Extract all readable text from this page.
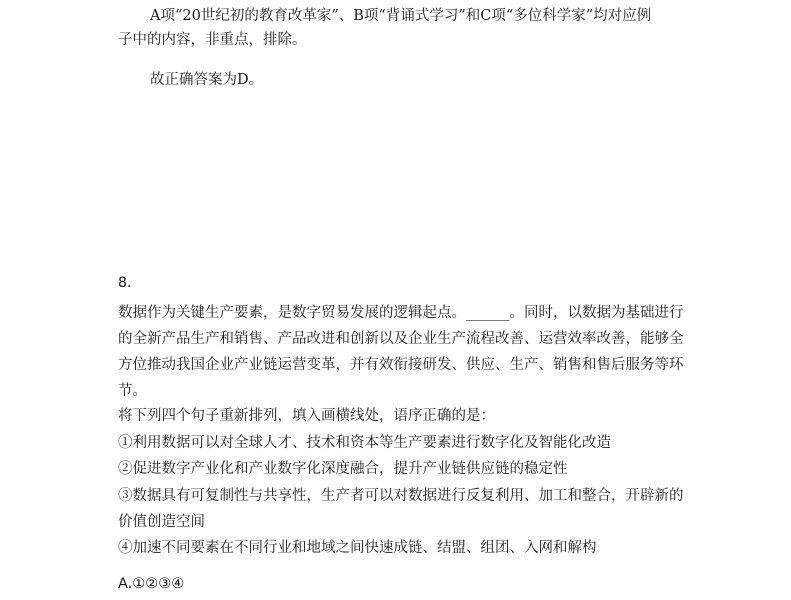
A项“20世纪初的教育改革家”、B项“背诵式学习”和C项“多位科学家”均对应例
子中的内容，非重点，排除。
故正确答案为D。
8.
数据作为关键生产要素，是数字贸易发展的逻辑起点。______。同时，以数据为基础进行
的全新产品生产和销售、产品改进和创新以及企业生产流程改善、运营效率改善，能够全
方位推动我国企业产业链运营变革，并有效衔接研发、供应、生产、销售和售后服务等环
节。
将下列四个句子重新排列，填入画横线处，语序正确的是：
①利用数据可以对全球人才、技术和资本等生产要素进行数字化及智能化改造
②促进数字产业化和产业数字化深度融合，提升产业链供应链的稳定性
③数据具有可复制性与共享性，生产者可以对数据进行反复利用、加工和整合，开辟新的
价值创造空间
④加速不同要素在不同行业和地域之间快速成链、结盟、组团、入网和解构
A.①②③④
